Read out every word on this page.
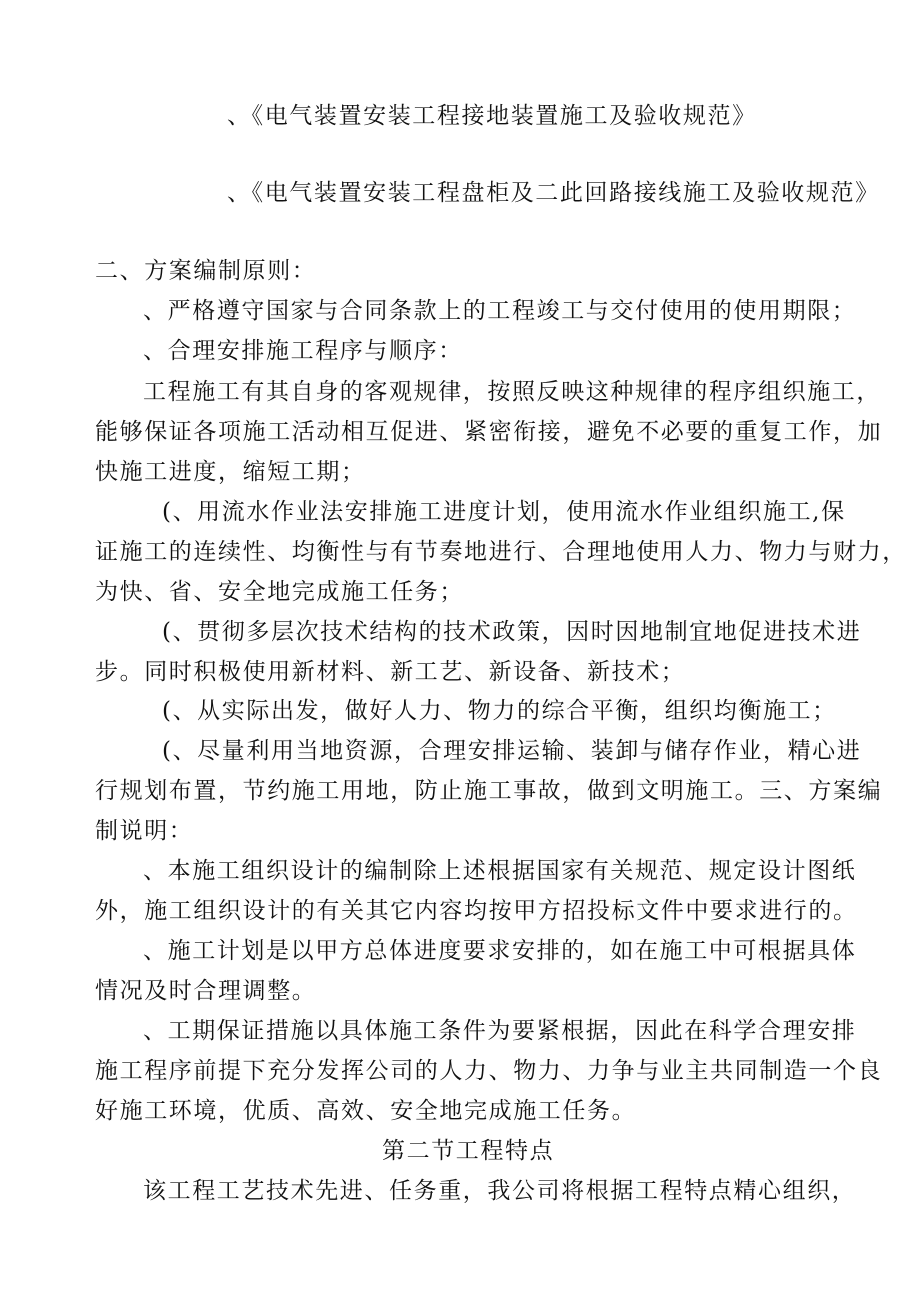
、《电气装置安装工程接地装置施工及验收规范》
、《电气装置安装工程盘柜及二此回路接线施工及验收规范》
二、方案编制原则：
、严格遵守国家与合同条款上的工程竣工与交付使用的使用期限；
、合理安排施工程序与顺序：
工程施工有其自身的客观规律，按照反映这种规律的程序组织施工，
能够保证各项施工活动相互促进、紧密衔接，避免不必要的重复工作，加
快施工进度，缩短工期；
(、用流水作业法安排施工进度计划，使用流水作业组织施工,保
证施工的连续性、均衡性与有节奏地进行、合理地使用人力、物力与财力，
为快、省、安全地完成施工任务；
(、贯彻多层次技术结构的技术政策，因时因地制宜地促进技术进
步。同时积极使用新材料、新工艺、新设备、新技术；
(、从实际出发，做好人力、物力的综合平衡，组织均衡施工；
(、尽量利用当地资源，合理安排运输、装卸与储存作业，精心进
行规划布置，节约施工用地，防止施工事故，做到文明施工。三、方案编
制说明：
、本施工组织设计的编制除上述根据国家有关规范、规定设计图纸
外，施工组织设计的有关其它内容均按甲方招投标文件中要求进行的。
、施工计划是以甲方总体进度要求安排的，如在施工中可根据具体
情况及时合理调整。
、工期保证措施以具体施工条件为要紧根据，因此在科学合理安排
施工程序前提下充分发挥公司的人力、物力、力争与业主共同制造一个良
好施工环境，优质、高效、安全地完成施工任务。
第二节工程特点
该工程工艺技术先进、任务重，我公司将根据工程特点精心组织，
